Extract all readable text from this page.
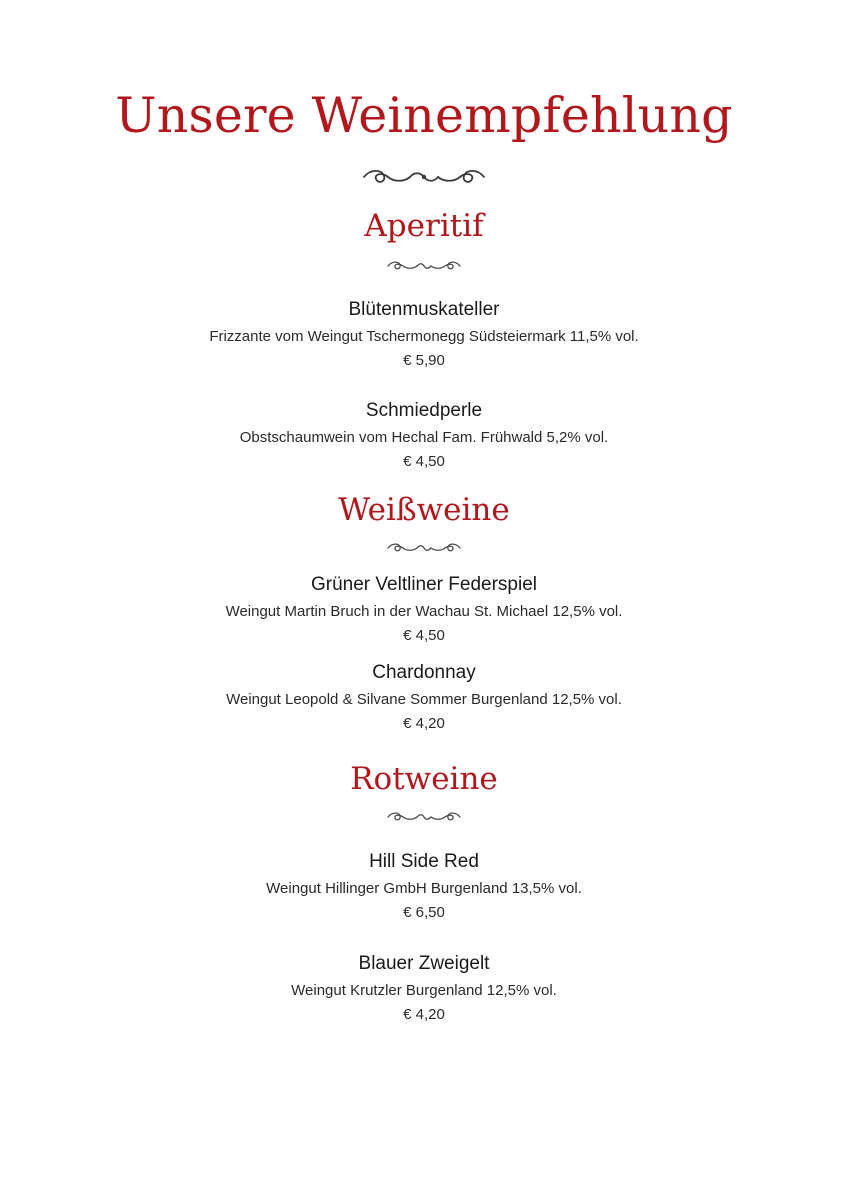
Unsere Weinempfehlung
Aperitif
Blütenmuskateller
Frizzante vom Weingut Tschermonegg Südsteiermark 11,5% vol.
€ 5,90
Schmiedperle
Obstschaumwein vom Hechal Fam. Frühwald 5,2% vol.
€ 4,50
Weißweine
Grüner Veltliner Federspiel
Weingut Martin Bruch in der Wachau St. Michael 12,5% vol.
€ 4,50
Chardonnay
Weingut Leopold & Silvane Sommer Burgenland 12,5% vol.
€ 4,20
Rotweine
Hill Side Red
Weingut Hillinger GmbH Burgenland 13,5% vol.
€ 6,50
Blauer Zweigelt
Weingut Krutzler Burgenland 12,5% vol.
€ 4,20
